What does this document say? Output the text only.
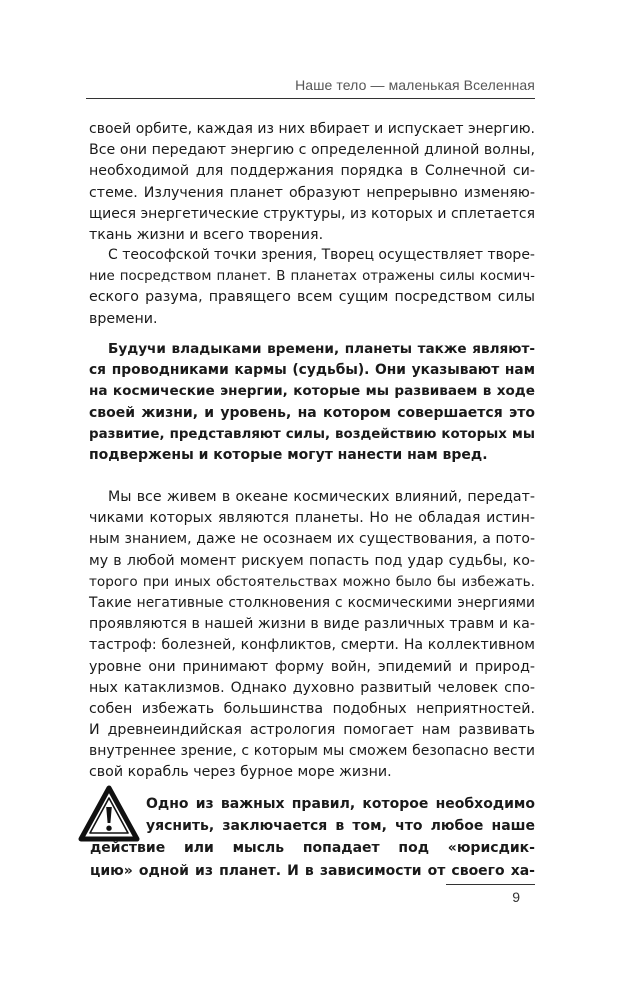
Наше тело — маленькая Вселенная
своей орбите, каждая из них вбирает и испускает энергию.
Все они передают энергию с определенной длиной волны,
необходимой для поддержания порядка в Солнечной си-
стеме. Излучения планет образуют непрерывно изменяю-
щиеся энергетические структуры, из которых и сплетается
ткань жизни и всего творения.
С теософской точки зрения, Творец осуществляет творе-
ние посредством планет. В планетах отражены силы космич-
еского разума, правящего всем сущим посредством силы
времени.
Будучи владыками времени, планеты также являют-
ся проводниками кармы (судьбы). Они указывают нам
на космические энергии, которые мы развиваем в ходе
своей жизни, и уровень, на котором совершается это
развитие, представляют силы, воздействию которых мы
подвержены и которые могут нанести нам вред.
Мы все живем в океане космических влияний, передат-
чиками которых являются планеты. Но не обладая истин-
ным знанием, даже не осознаем их существования, а пото-
му в любой момент рискуем попасть под удар судьбы, ко-
торого при иных обстоятельствах можно было бы избежать.
Такие негативные столкновения с космическими энергиями
проявляются в нашей жизни в виде различных травм и ка-
тастроф: болезней, конфликтов, смерти. На коллективном
уровне они принимают форму войн, эпидемий и природ-
ных катаклизмов. Однако духовно развитый человек спо-
собен избежать большинства подобных неприятностей.
И древнеиндийская астрология помогает нам развивать
внутреннее зрение, с которым мы сможем безопасно вести
свой корабль через бурное море жизни.
Одно из важных правил, которое необходимо
уяснить, заключается в том, что любое наше
действие или мысль попадает под «юрисдик-
цию» одной из планет. И в зависимости от своего ха-
9
